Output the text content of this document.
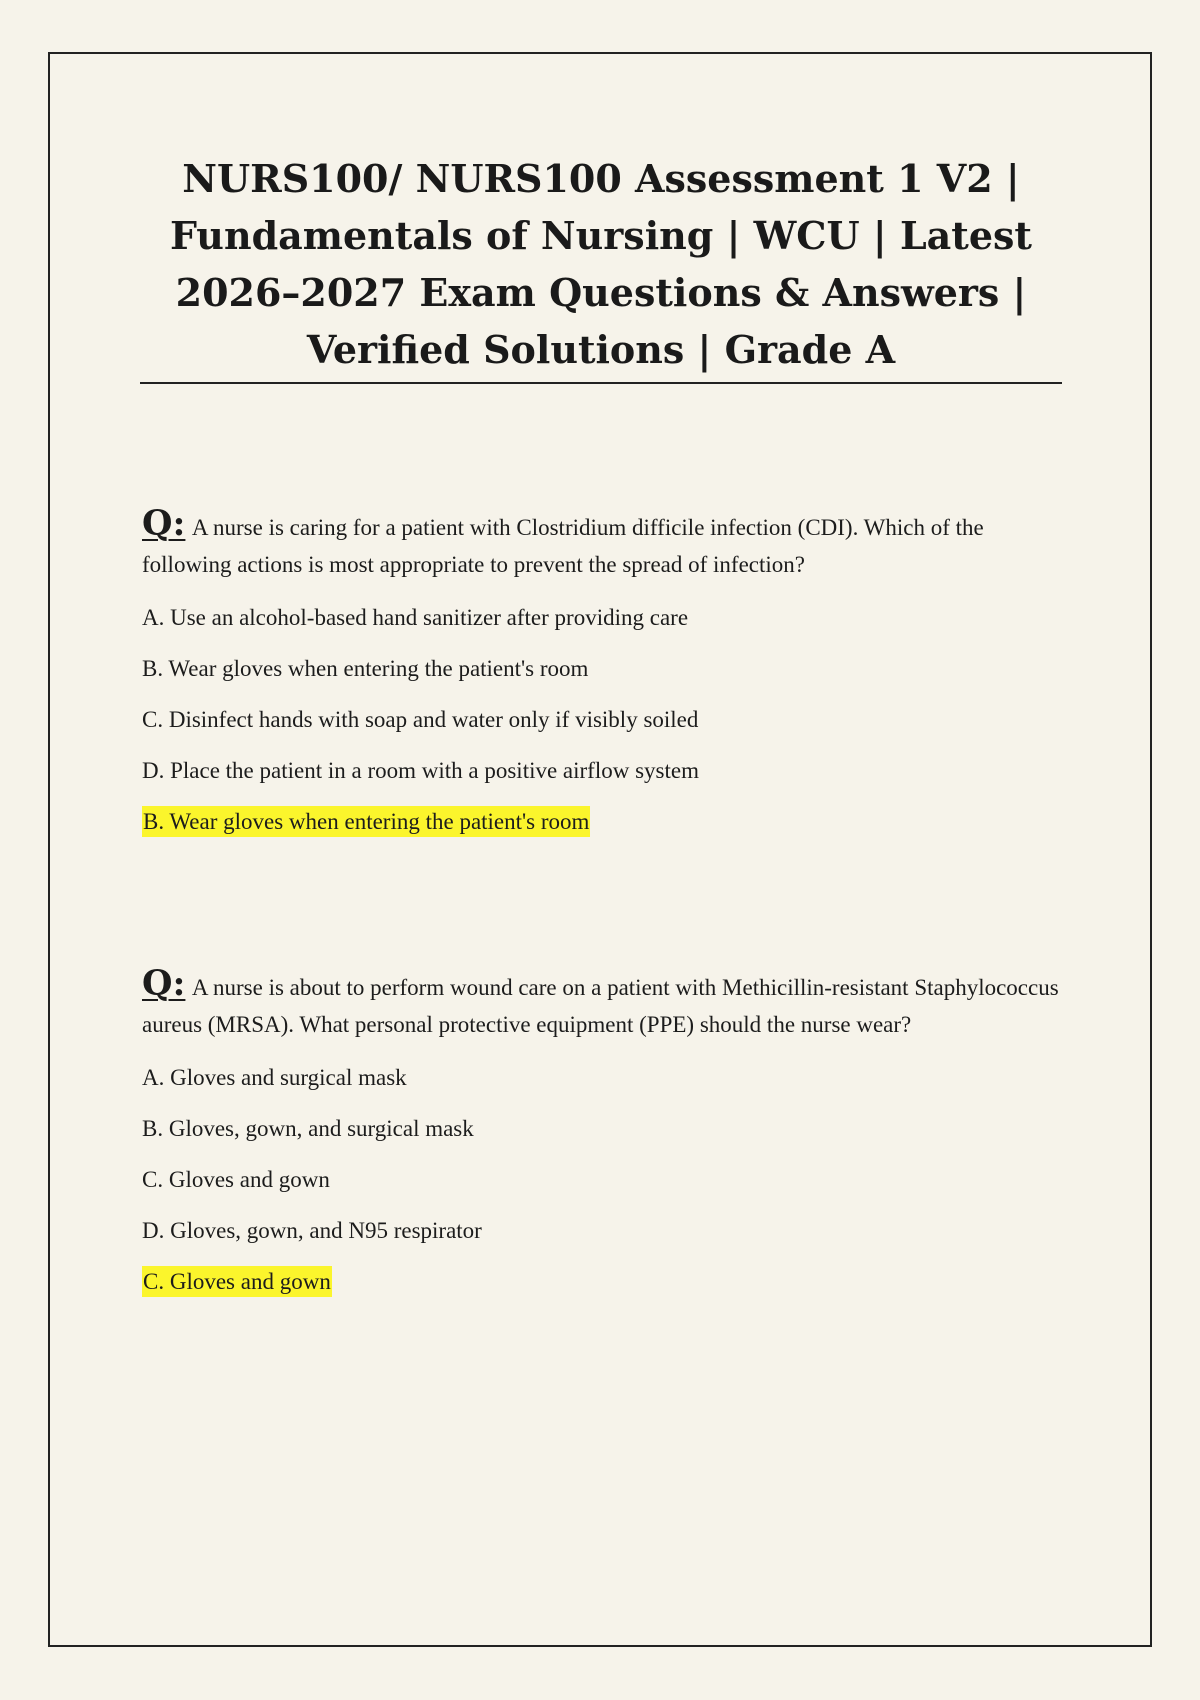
NURS100/ NURS100 Assessment 1 V2 |

Fundamentals of Nursing | WCU | Latest

2026–2027 Exam Questions & Answers |

Verified Solutions | Grade A

Q: A nurse is caring for a patient with Clostridium difficile infection (CDI). Which of the following actions is most appropriate to prevent the spread of infection?

A. Use an alcohol-based hand sanitizer after providing care

B. Wear gloves when entering the patient's room

C. Disinfect hands with soap and water only if visibly soiled

D. Place the patient in a room with a positive airflow system

B. Wear gloves when entering the patient's room

Q: A nurse is about to perform wound care on a patient with Methicillin-resistant Staphylococcus aureus (MRSA). What personal protective equipment (PPE) should the nurse wear?

A. Gloves and surgical mask

B. Gloves, gown, and surgical mask

C. Gloves and gown

D. Gloves, gown, and N95 respirator

C. Gloves and gown
